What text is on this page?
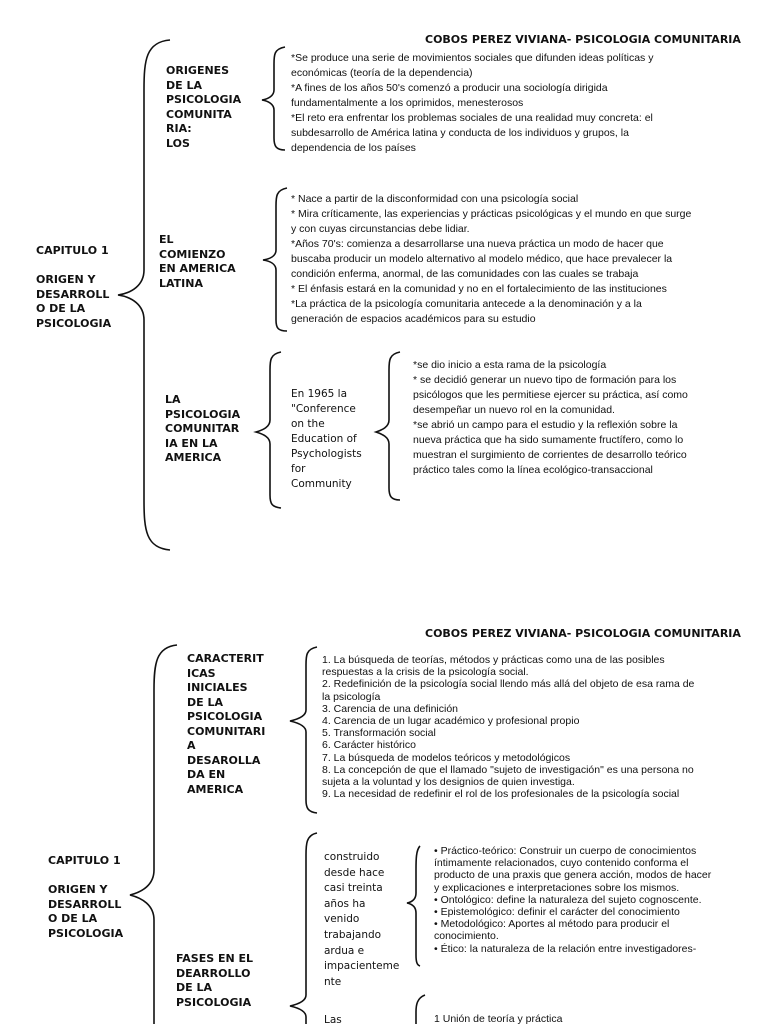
COBOS PEREZ VIVIANA- PSICOLOGIA COMUNITARIA
CAPITULO 1

ORIGEN Y
DESARROLL
O DE LA
PSICOLOGIA
ORIGENES
DE LA
PSICOLOGIA
COMUNITA
RIA:
LOS
*Se produce una serie de movimientos sociales que difunden ideas políticas y
económicas (teoría de la dependencia)
*A fines de los años 50's comenzó a producir una sociología dirigida
fundamentalmente a los oprimidos, menesterosos
*El reto era enfrentar los problemas sociales de una realidad muy concreta: el
subdesarrollo de América latina y conducta de los individuos y grupos, la
dependencia de los países
EL
COMIENZO
EN AMERICA
LATINA
* Nace a partir de la disconformidad con una psicología social
* Mira críticamente, las experiencias y prácticas psicológicas y el mundo en que surge
y con cuyas circunstancias debe lidiar.
*Años 70's: comienza a desarrollarse una nueva práctica un modo de hacer que
buscaba producir un modelo alternativo al modelo médico, que hace prevalecer la
condición enferma, anormal, de las comunidades con las cuales se trabaja
* El énfasis estará en la comunidad y no en el fortalecimiento de las instituciones
*La práctica de la psicología comunitaria antecede a la denominación y a la
generación de espacios académicos para su estudio
LA
PSICOLOGIA
COMUNITAR
IA EN LA
AMERICA
En 1965 la
"Conference
on the
Education of
Psychologists
for
Community
*se dio inicio a esta rama de la psicología
* se decidió generar un nuevo tipo de formación para los
psicólogos que les permitiese ejercer su práctica, así como
desempeñar un nuevo rol en la comunidad.
*se abrió un campo para el estudio y la reflexión sobre la
nueva práctica que ha sido sumamente fructífero, como lo
muestran el surgimiento de corrientes de desarrollo teórico
práctico tales como la línea ecológico-transaccional
COBOS PEREZ VIVIANA- PSICOLOGIA COMUNITARIA
CAPITULO 1

ORIGEN Y
DESARROLL
O DE LA
PSICOLOGIA
CARACTERIT
ICAS
INICIALES
DE LA
PSICOLOGIA
COMUNITARI
A
DESAROLLA
DA EN
AMERICA
1. La búsqueda de teorías, métodos y prácticas como una de las posibles
respuestas a la crisis de la psicología social.
2. Redefinición de la psicología social llendo más allá del objeto de esa rama de
la psicología
3. Carencia de una definición
4. Carencia de un lugar académico y profesional propio
5. Transformación social
6. Carácter histórico
7. La búsqueda de modelos teóricos y metodológicos
8. La concepción de que el llamado "sujeto de investigación" es una persona no
sujeta a la voluntad y los designios de quien investiga.
9. La necesidad de redefinir el rol de los profesionales de la psicología social
FASES EN EL
DEARROLLO
DE LA
PSICOLOGIA
construido
desde hace
casi treinta
años ha
venido
trabajando
ardua e
impacienteme
nte
• Práctico-teórico: Construir un cuerpo de conocimientos
íntimamente relacionados, cuyo contenido conforma el
producto de una praxis que genera acción, modos de hacer
y explicaciones e interpretaciones sobre los mismos.
• Ontológico: define la naturaleza del sujeto cognoscente.
• Epistemológico: definir el carácter del conocimiento
• Metodológico: Aportes al método para producir el
conocimiento.
• Ético: la naturaleza de la relación entre investigadores-
Las	1 Unión de teoría y práctica
